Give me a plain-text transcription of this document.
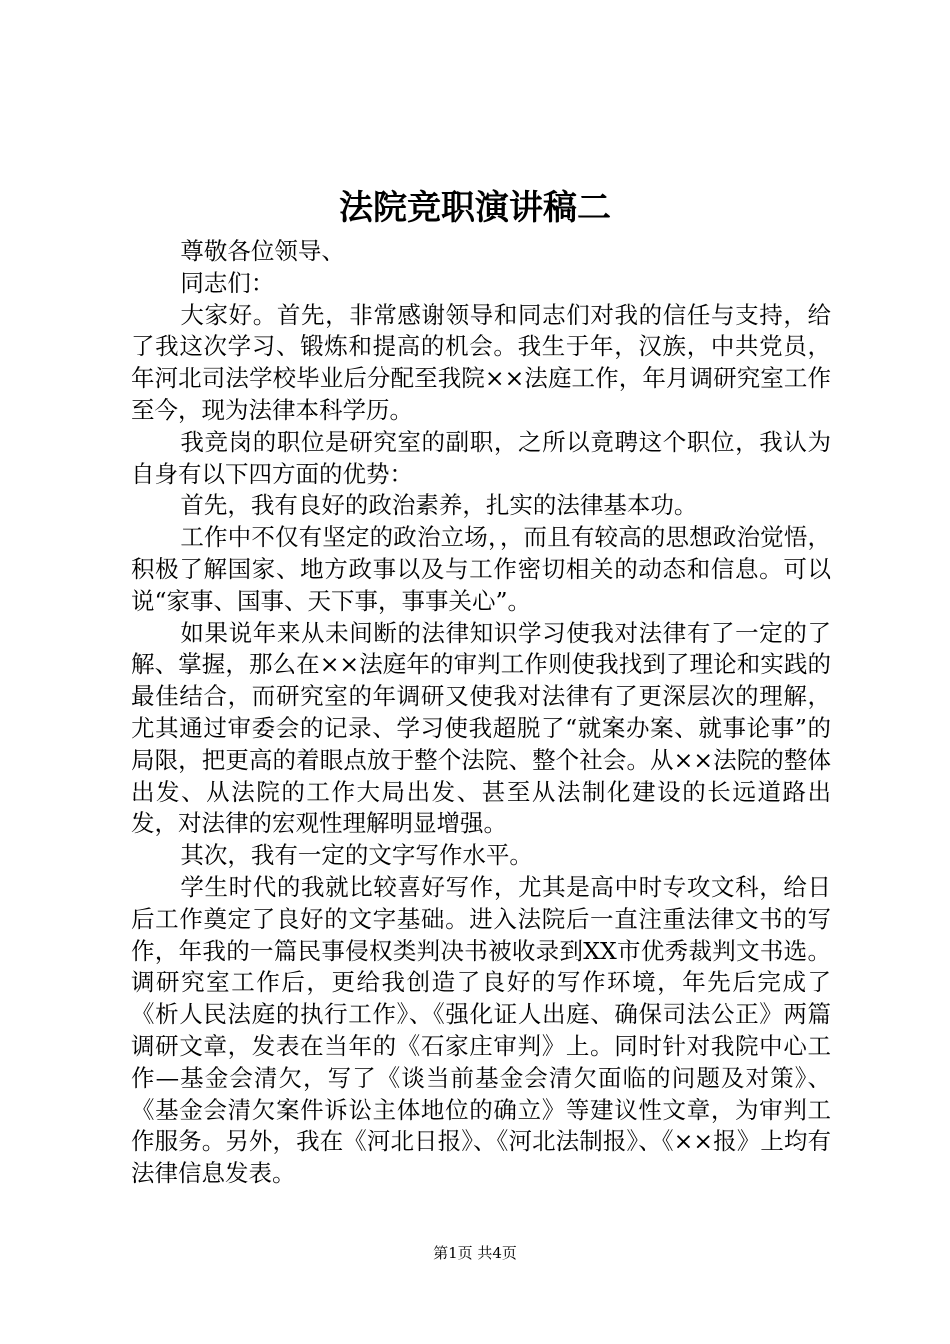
法院竞职演讲稿二

尊敬各位领导、

同志们：

大家好。首先，非常感谢领导和同志们对我的信任与支持，给了我这次学习、锻炼和提高的机会。我生于年，汉族，中共党员，年河北司法学校毕业后分配至我院××法庭工作，年月调研究室工作至今，现为法律本科学历。

我竞岗的职位是研究室的副职，之所以竟聘这个职位，我认为自身有以下四方面的优势：

首先，我有良好的政治素养，扎实的法律基本功。

工作中不仅有坚定的政治立场，，而且有较高的思想政治觉悟，积极了解国家、地方政事以及与工作密切相关的动态和信息。可以说“家事、国事、天下事，事事关心”。

如果说年来从未间断的法律知识学习使我对法律有了一定的了解、掌握，那么在××法庭年的审判工作则使我找到了理论和实践的最佳结合，而研究室的年调研又使我对法律有了更深层次的理解，尤其通过审委会的记录、学习使我超脱了“就案办案、就事论事”的局限，把更高的着眼点放于整个法院、整个社会。从××法院的整体出发、从法院的工作大局出发、甚至从法制化建设的长远道路出发，对法律的宏观性理解明显增强。

其次，我有一定的文字写作水平。

学生时代的我就比较喜好写作，尤其是高中时专攻文科，给日后工作奠定了良好的文字基础。进入法院后一直注重法律文书的写作，年我的一篇民事侵权类判决书被收录到XX市优秀裁判文书选。调研究室工作后，更给我创造了良好的写作环境，年先后完成了《析人民法庭的执行工作》、《强化证人出庭、确保司法公正》两篇调研文章，发表在当年的《石家庄审判》上。同时针对我院中心工作—基金会清欠，写了《谈当前基金会清欠面临的问题及对策》、《基金会清欠案件诉讼主体地位的确立》等建议性文章，为审判工作服务。另外，我在《河北日报》、《河北法制报》、《××报》上均有法律信息发表。

第1页 共4页
